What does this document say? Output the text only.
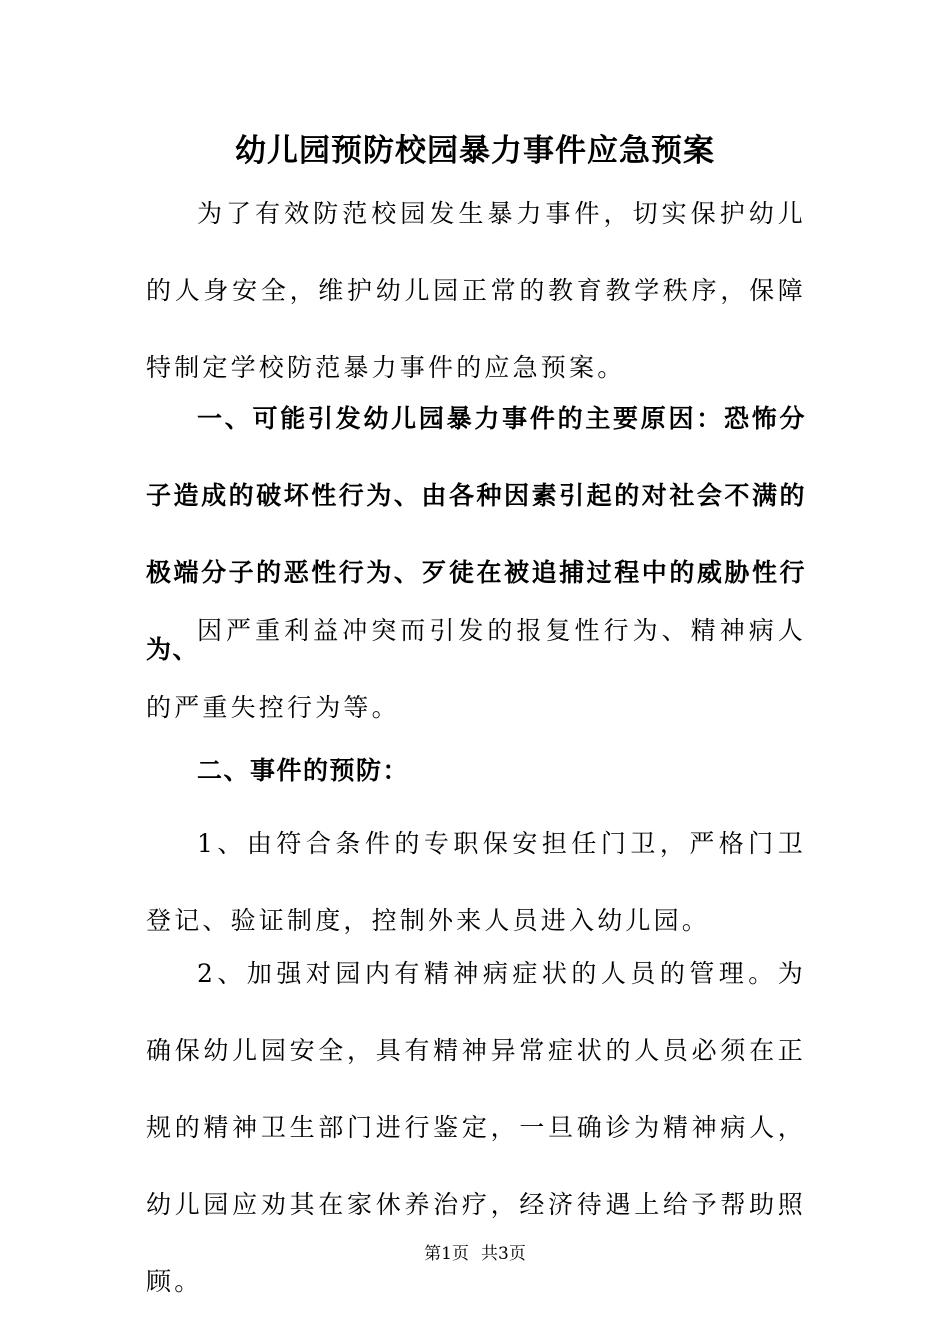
幼儿园预防校园暴力事件应急预案

为了有效防范校园发生暴力事件，切实保护幼儿的人身安全，维护幼儿园正常的教育教学秩序，保障特制定学校防范暴力事件的应急预案。

一、可能引发幼儿园暴力事件的主要原因：恐怖分子造成的破坏性行为、由各种因素引起的对社会不满的极端分子的恶性行为、歹徒在被追捕过程中的威胁性行为、

因严重利益冲突而引发的报复性行为、精神病人的严重失控行为等。

二、事件的预防：

1、由符合条件的专职保安担任门卫，严格门卫登记、验证制度，控制外来人员进入幼儿园。

2、加强对园内有精神病症状的人员的管理。为确保幼儿园安全，具有精神异常症状的人员必须在正规的精神卫生部门进行鉴定，一旦确诊为精神病人，幼儿园应劝其在家休养治疗，经济待遇上给予帮助照顾。

第1页 共3页
